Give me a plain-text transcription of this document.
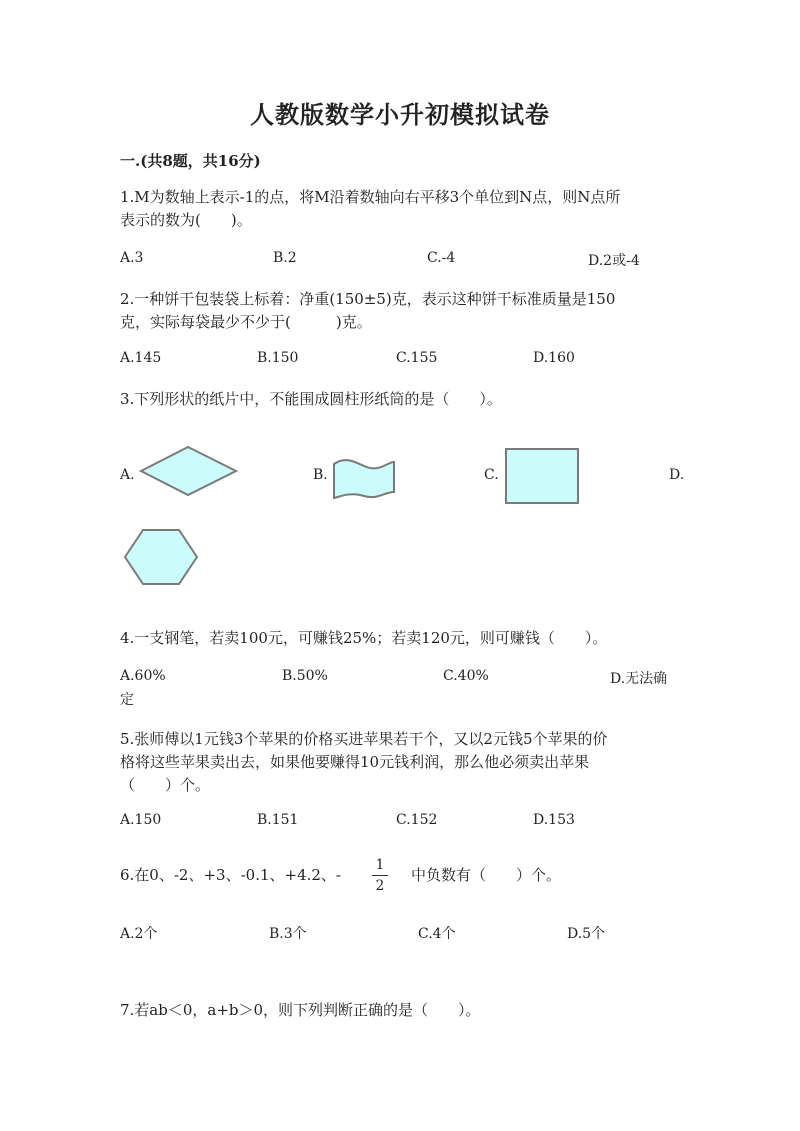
人教版数学小升初模拟试卷
一.(共8题，共16分)
1.M为数轴上表示-1的点，将M沿着数轴向右平移3个单位到N点，则N点所
表示的数为(　　)。
A.3	B.2	C.-4	D.2或-4
2.一种饼干包装袋上标着：净重(150±5)克，表示这种饼干标准质量是150
克，实际每袋最少不少于(　　　)克。
A.145	B.150	C.155	D.160
3.下列形状的纸片中，不能围成圆柱形纸筒的是（　　）。
A.	B.	C.	D.
4.一支钢笔，若卖100元，可赚钱25%；若卖120元，则可赚钱（　　）。
A.60%	B.50%	C.40%	D.无法确
定
5.张师傅以1元钱3个苹果的价格买进苹果若干个，又以2元钱5个苹果的价
格将这些苹果卖出去，如果他要赚得10元钱利润，那么他必须卖出苹果
（　　）个。
A.150	B.151	C.152	D.153
6.在0、-2、+3、-0.1、+4.2、-
1
2
中负数有（　　）个。
A.2个	B.3个	C.4个	D.5个
7.若ab＜0，a+b＞0，则下列判断正确的是（　　）。
